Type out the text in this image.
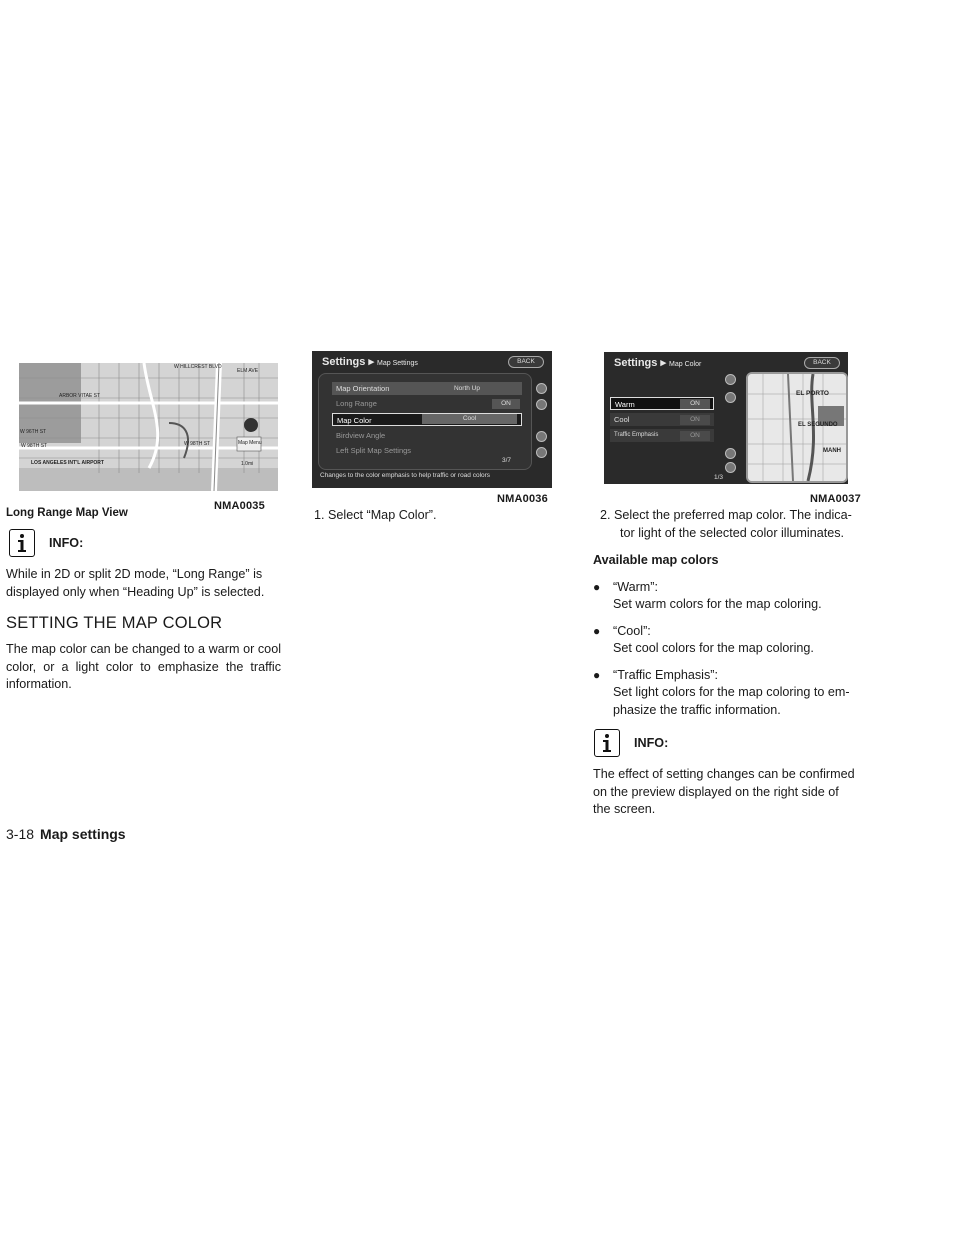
W HILLCREST BLVD
ELM AVE
ARBOR VITAE ST
W 96TH ST
W 98TH ST
LOS ANGELES INT'L AIRPORT
W 98TH ST	Map Menu
1.0mi
Long Range Map View
NMA0035
Settings ▸ Map Settings	BACK
Map Orientation	North Up
Long Range	ON
Map Color	Cool
Birdview Angle
Left Split Map Settings
3/7
Changes to the color emphasis to help traffic or road colors
NMA0036
Settings ▸ Map Color	BACK
Warm	ON
Cool	ON
Traffic Emphasis	ON
1/3
EL PORTO
EL SEGUNDO
MANH
NMA0037
INFO:
While in 2D or split 2D mode, “Long Range” is displayed only when “Heading Up” is selected.
SETTING THE MAP COLOR
The map color can be changed to a warm or cool color, or a light color to emphasize the traffic information.
1. Select “Map Color”.	2. Select the preferred map color. The indica-tor light of the selected color illuminates.
Available map colors
●	“Warm”:
Set warm colors for the map coloring.
●	“Cool”:
Set cool colors for the map coloring.
●	“Traffic Emphasis”:
Set light colors for the map coloring to em-phasize the traffic information.
INFO:
The effect of setting changes can be confirmed on the preview displayed on the right side of the screen.
3-18 Map settings
